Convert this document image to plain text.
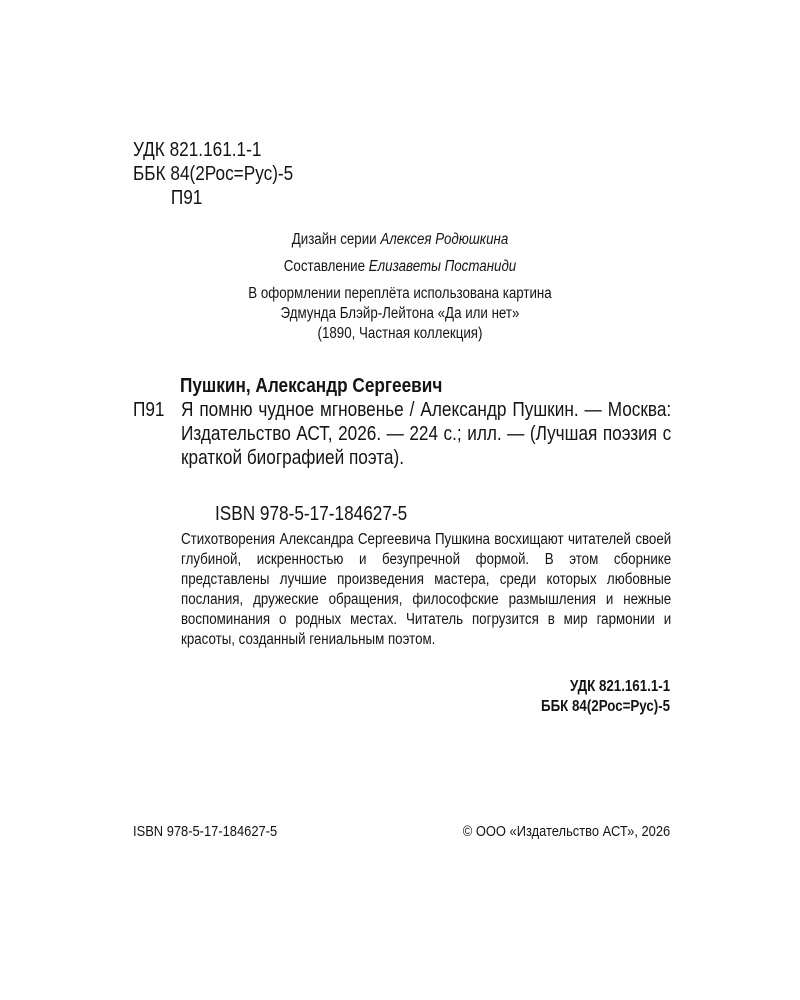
УДК 821.161.1-1
ББК 84(2Рос=Рус)-5
П91
Дизайн серии Алексея Родюшкина
Составление Елизаветы Постаниди
В оформлении переплёта использована картина
Эдмунда Блэйр-Лейтона «Да или нет»
(1890, Частная коллекция)
Пушкин, Александр Сергеевич
П91 Я помню чудное мгновенье / Александр Пушкин. — Москва: Издательство АСТ, 2026. — 224 с.; илл. — (Лучшая поэзия с краткой биографией поэта).
ISBN 978-5-17-184627-5
Стихотворения Александра Сергеевича Пушкина восхищают читателей своей глубиной, искренностью и безупречной формой. В этом сборнике представлены лучшие произведения мастера, среди которых любовные послания, дружеские обращения, философские размышления и нежные воспоминания о родных местах. Читатель погрузится в мир гармонии и красоты, созданный гениальным поэтом.
УДК 821.161.1-1
ББК 84(2Рос=Рус)-5
ISBN 978-5-17-184627-5	© ООО «Издательство АСТ», 2026
